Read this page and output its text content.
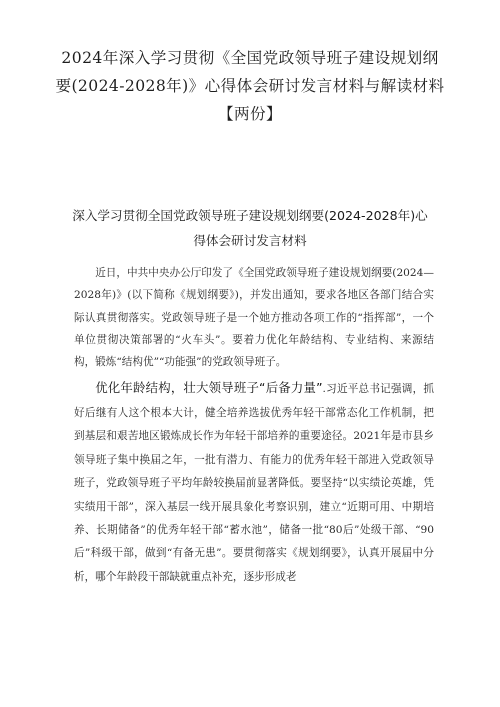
2024年深入学习贯彻《全国党政领导班子建设规划纲要(2024-2028年)》心得体会研讨发言材料与解读材料【两份】
深入学习贯彻全国党政领导班子建设规划纲要(2024-2028年)心得体会研讨发言材料

近日，中共中央办公厅印发了《全国党政领导班子建设规划纲要(2024—2028年)》(以下简称《规划纲要》)，并发出通知，要求各地区各部门结合实际认真贯彻落实。党政领导班子是一个她方推动各项工作的“指挥部”，一个单位贯彻决策部署的“火车头”。要着力优化年龄结构、专业结构、来源结构，锻炼“结构优”“功能强”的党政领导班子。

优化年龄结构，壮大领导班子“后备力量”.习近平总书记强调，抓好后继有人这个根本大计，健全培养选拔优秀年轻干部常态化工作机制，把到基层和艰苦地区锻炼成长作为年轻干部培养的重要途径。2021年是市县乡领导班子集中换届之年，一批有潜力、有能力的优秀年轻干部进入党政领导班子，党政领导班子平均年龄较换届前显著降低。要坚持“以实绩论英雄，凭实绩用干部”，深入基层一线开展具象化考察识别，建立“近期可用、中期培养、长期储备”的优秀年轻干部“蓄水池”，储备一批“80后”处级干部、“90后”科级干部，做到“有备无患”。要贯彻落实《规划纲要》，认真开展届中分析，哪个年龄段干部缺就重点补充，逐步形成老
